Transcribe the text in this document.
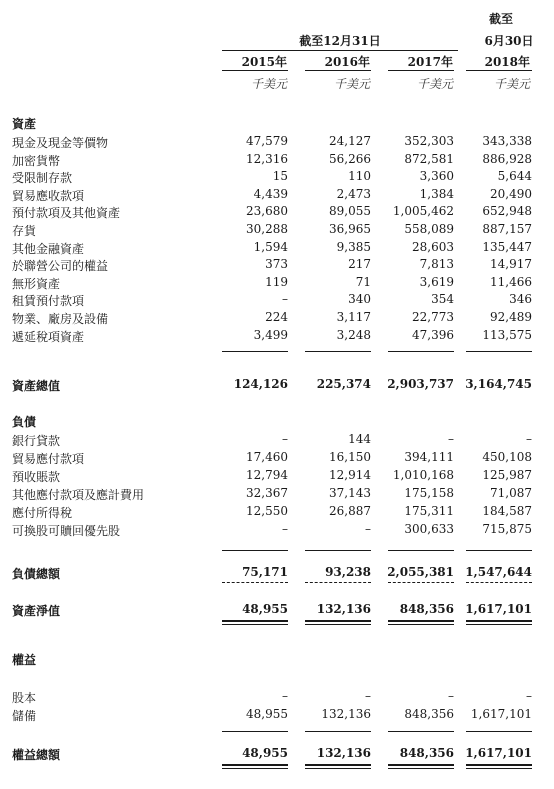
截至
截至12月31日	6月30日
2015年	2016年	2017年	2018年
千美元	千美元	千美元	千美元
資產
負債
權益
現金及現金等價物	47,579	24,127	352,303	343,338
加密貨幣	12,316	56,266	872,581	886,928
受限制存款	15	110	3,360	5,644
貿易應收款項	4,439	2,473	1,384	20,490
預付款項及其他資產	23,680	89,055	1,005,462	652,948
存貨	30,288	36,965	558,089	887,157
其他金融資產	1,594	9,385	28,603	135,447
於聯營公司的權益	373	217	7,813	14,917
無形資產	119	71	3,619	11,466
租賃預付款項	–	340	354	346
物業、廠房及設備	224	3,117	22,773	92,489
遞延稅項資產	3,499	3,248	47,396	113,575
資產總值	124,126	225,374	2,903,737 3,164,745
銀行貸款	–	144	–	–
貿易應付款項	17,460	16,150	394,111	450,108
預收賬款	12,794	12,914	1,010,168	125,987
其他應付款項及應計費用	32,367	37,143	175,158	71,087
應付所得稅	12,550	26,887	175,311	184,587
可換股可贖回優先股	–	–	300,633	715,875
負債總額	75,171	93,238	2,055,381 1,547,644
資產淨值	48,955	132,136	848,356 1,617,101
股本	–	–	–	–
儲備	48,955	132,136	848,356	1,617,101
權益總額	48,955	132,136	848,356 1,617,101
